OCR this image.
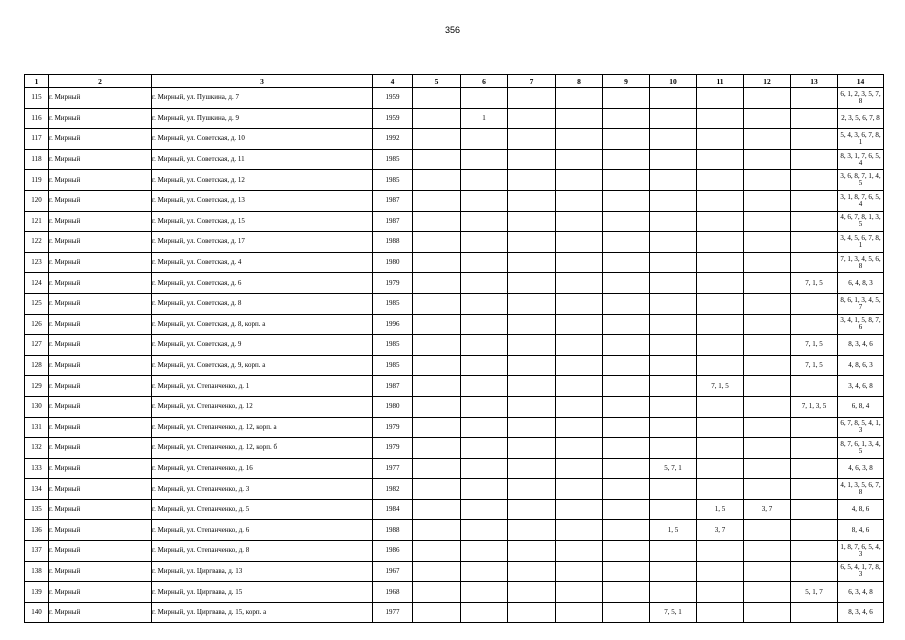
356
1	2	3	4	5	6	7	8	9	10	11	12	13	14
115	г. Мирный	г. Мирный, ул. Пушкина, д. 7	1959										6, 1, 2, 3, 5, 7, 8
116	г. Мирный	г. Мирный, ул. Пушкина, д. 9	1959		1								2, 3, 5, 6, 7, 8
117	г. Мирный	г. Мирный, ул. Советская, д. 10	1992										5, 4, 3, 6, 7, 8, 1
118	г. Мирный	г. Мирный, ул. Советская, д. 11	1985										8, 3, 1, 7, 6, 5, 4
119	г. Мирный	г. Мирный, ул. Советская, д. 12	1985										3, 6, 8, 7, 1, 4, 5
120	г. Мирный	г. Мирный, ул. Советская, д. 13	1987										3, 1, 8, 7, 6, 5, 4
121	г. Мирный	г. Мирный, ул. Советская, д. 15	1987										4, 6, 7, 8, 1, 3, 5
122	г. Мирный	г. Мирный, ул. Советская, д. 17	1988										3, 4, 5, 6, 7, 8, 1
123	г. Мирный	г. Мирный, ул. Советская, д. 4	1980										7, 1, 3, 4, 5, 6, 8
124	г. Мирный	г. Мирный, ул. Советская, д. 6	1979									7, 1, 5	6, 4, 8, 3
125	г. Мирный	г. Мирный, ул. Советская, д. 8	1985										8, 6, 1, 3, 4, 5, 7
126	г. Мирный	г. Мирный, ул. Советская, д. 8, корп. а	1996										3, 4, 1, 5, 8, 7, 6
127	г. Мирный	г. Мирный, ул. Советская, д. 9	1985									7, 1, 5	8, 3, 4, 6
128	г. Мирный	г. Мирный, ул. Советская, д. 9, корп. а	1985									7, 1, 5	4, 8, 6, 3
129	г. Мирный	г. Мирный, ул. Степанченко, д. 1	1987							7, 1, 5			3, 4, 6, 8
130	г. Мирный	г. Мирный, ул. Степанченко, д. 12	1980									7, 1, 3, 5	6, 8, 4
131	г. Мирный	г. Мирный, ул. Степанченко, д. 12, корп. а	1979										6, 7, 8, 5, 4, 1, 3
132	г. Мирный	г. Мирный, ул. Степанченко, д. 12, корп. б	1979										8, 7, 6, 1, 3, 4, 5
133	г. Мирный	г. Мирный, ул. Степанченко, д. 16	1977						5, 7, 1				4, 6, 3, 8
134	г. Мирный	г. Мирный, ул. Степанченко, д. 3	1982										4, 1, 3, 5, 6, 7, 8
135	г. Мирный	г. Мирный, ул. Степанченко, д. 5	1984							1, 5	3, 7		4, 8, 6
136	г. Мирный	г. Мирный, ул. Степанченко, д. 6	1988						1, 5	3, 7			8, 4, 6
137	г. Мирный	г. Мирный, ул. Степанченко, д. 8	1986										1, 8, 7, 6, 5, 4, 3
138	г. Мирный	г. Мирный, ул. Циргвава, д. 13	1967										6, 5, 4, 1, 7, 8, 3
139	г. Мирный	г. Мирный, ул. Циргвава, д. 15	1968									5, 1, 7	6, 3, 4, 8
140	г. Мирный	г. Мирный, ул. Циргвава, д. 15, корп. а	1977						7, 5, 1				8, 3, 4, 6
